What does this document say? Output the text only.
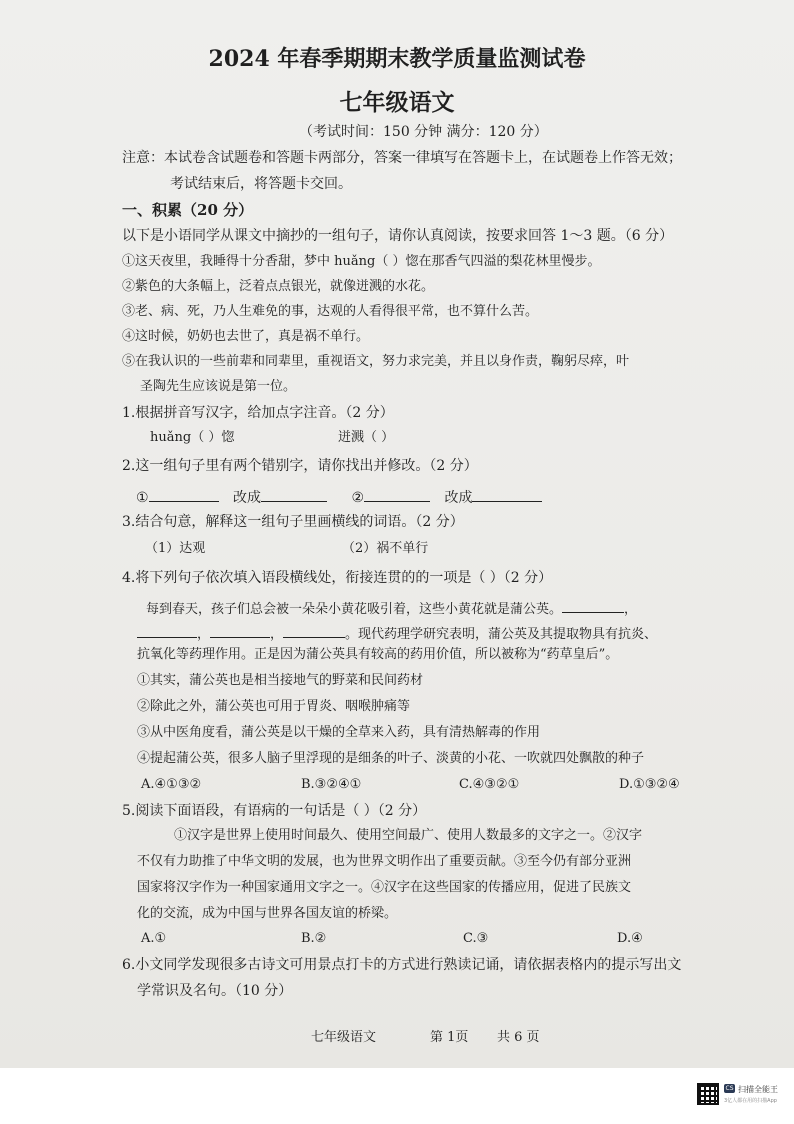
2024 年春季期期末教学质量监测试卷
七年级语文
（考试时间：150 分钟 满分：120 分）
注意：本试卷含试题卷和答题卡两部分，答案一律填写在答题卡上，在试题卷上作答无效；
考试结束后，将答题卡交回。
一、积累（20 分）
以下是小语同学从课文中摘抄的一组句子，请你认真阅读，按要求回答 1～3 题。（6 分）
①这天夜里，我睡得十分香甜，梦中 huǎng（ ）惚在那香气四溢的梨花林里慢步。
②紫色的大条幅上，泛着点点银光，就像迸溅的水花。
③老、病、死，乃人生难免的事，达观的人看得很平常，也不算什么苦。
④这时候，奶奶也去世了，真是祸不单行。
⑤在我认识的一些前辈和同辈里，重视语文，努力求完美，并且以身作责，鞠躬尽瘁，叶
圣陶先生应该说是第一位。
1.根据拼音写汉字，给加点字注音。（2 分）
huǎng（ ）惚	迸溅（ ）
2.这一组句子里有两个错别字，请你找出并修改。（2 分）
①	改成	②	改成
3.结合句意，解释这一组句子里画横线的词语。（2 分）
（1）达观	（2）祸不单行
4.将下列句子依次填入语段横线处，衔接连贯的的一项是（ ）（2 分）
每到春天，孩子们总会被一朵朵小黄花吸引着，这些小黄花就是蒲公英。	，
，	，	。现代药理学研究表明，蒲公英及其提取物具有抗炎、
抗氧化等药理作用。正是因为蒲公英具有较高的药用价值，所以被称为“药草皇后”。
①其实，蒲公英也是相当接地气的野菜和民间药材
②除此之外，蒲公英也可用于胃炎、咽喉肿痛等
③从中医角度看，蒲公英是以干燥的全草来入药，具有清热解毒的作用
④提起蒲公英，很多人脑子里浮现的是细条的叶子、淡黄的小花、一吹就四处飘散的种子
A.④①③②	B.③②④①	C.④③②①	D.①③②④
5.阅读下面语段，有语病的一句话是（ ）（2 分）
①汉字是世界上使用时间最久、使用空间最广、使用人数最多的文字之一。②汉字
不仅有力助推了中华文明的发展，也为世界文明作出了重要贡献。③至今仍有部分亚洲
国家将汉字作为一种国家通用文字之一。④汉字在这些国家的传播应用，促进了民族文
化的交流，成为中国与世界各国友谊的桥梁。
A.①	B.②	C.③	D.④
6.小文同学发现很多古诗文可用景点打卡的方式进行熟读记诵，请依据表格内的提示写出文
学常识及名句。（10 分）
七年级语文	第 1页 共 6 页
CS 扫描全能王
3亿人都在用的扫描App
